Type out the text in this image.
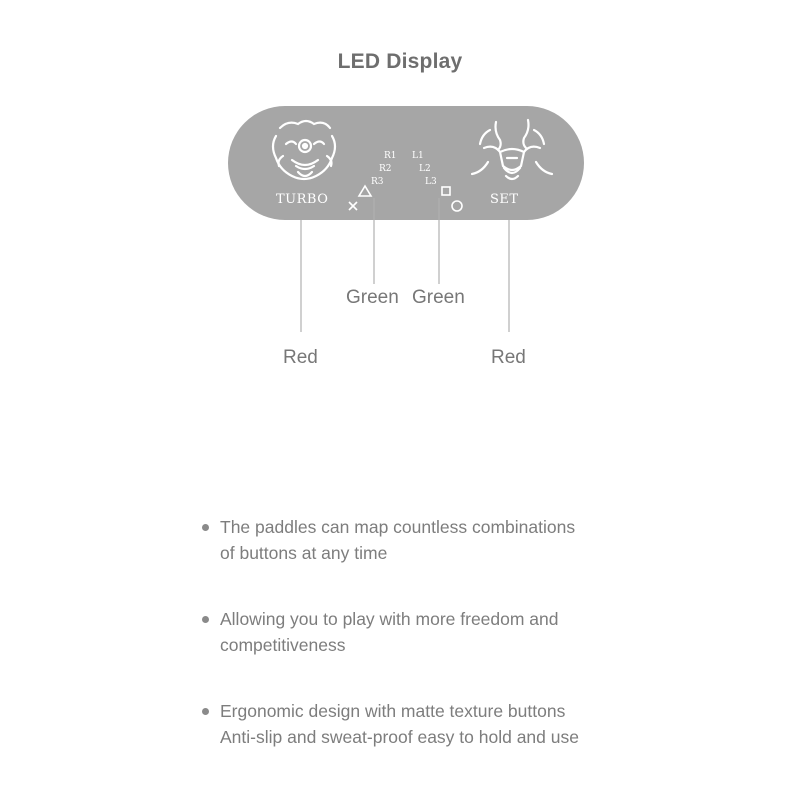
LED Display
TURBO	SET
R1
R2
R3
L1
L2
L3
Green Green
Red	Red
The paddles can map countless combinations
of buttons at any time
Allowing you to play with more freedom and
competitiveness
Ergonomic design with matte texture buttons
Anti-slip and sweat-proof easy to hold and use
